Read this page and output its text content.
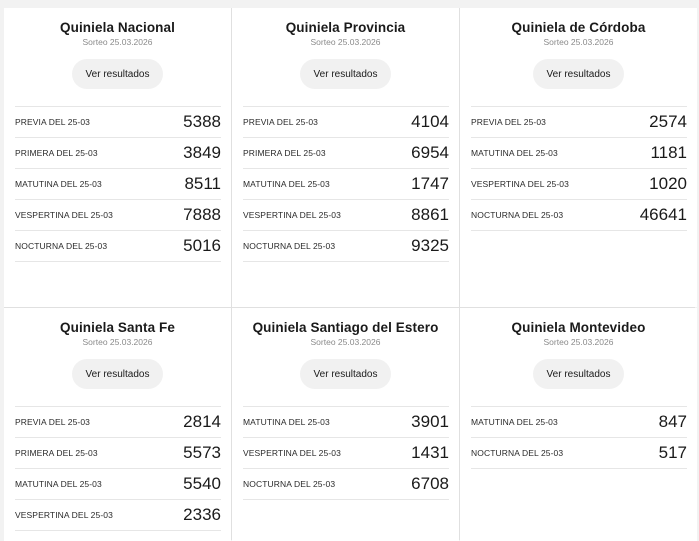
Quiniela Nacional
Sorteo 25.03.2026
Ver resultados
PREVIA DEL 25-03	5388
PRIMERA DEL 25-03	3849
MATUTINA DEL 25-03	8511
VESPERTINA DEL 25-03	7888
NOCTURNA DEL 25-03	5016
Quiniela Provincia
Sorteo 25.03.2026
Ver resultados
PREVIA DEL 25-03	4104
PRIMERA DEL 25-03	6954
MATUTINA DEL 25-03	1747
VESPERTINA DEL 25-03	8861
NOCTURNA DEL 25-03	9325
Quiniela de Córdoba
Sorteo 25.03.2026
Ver resultados
PREVIA DEL 25-03	2574
MATUTINA DEL 25-03	1181
VESPERTINA DEL 25-03	1020
NOCTURNA DEL 25-03	46641
Quiniela Santa Fe
Sorteo 25.03.2026
Ver resultados
PREVIA DEL 25-03	2814
PRIMERA DEL 25-03	5573
MATUTINA DEL 25-03	5540
VESPERTINA DEL 25-03	2336
Quiniela Santiago del Estero
Sorteo 25.03.2026
Ver resultados
MATUTINA DEL 25-03	3901
VESPERTINA DEL 25-03	1431
NOCTURNA DEL 25-03	6708
Quiniela Montevideo
Sorteo 25.03.2026
Ver resultados
MATUTINA DEL 25-03	847
NOCTURNA DEL 25-03	517
